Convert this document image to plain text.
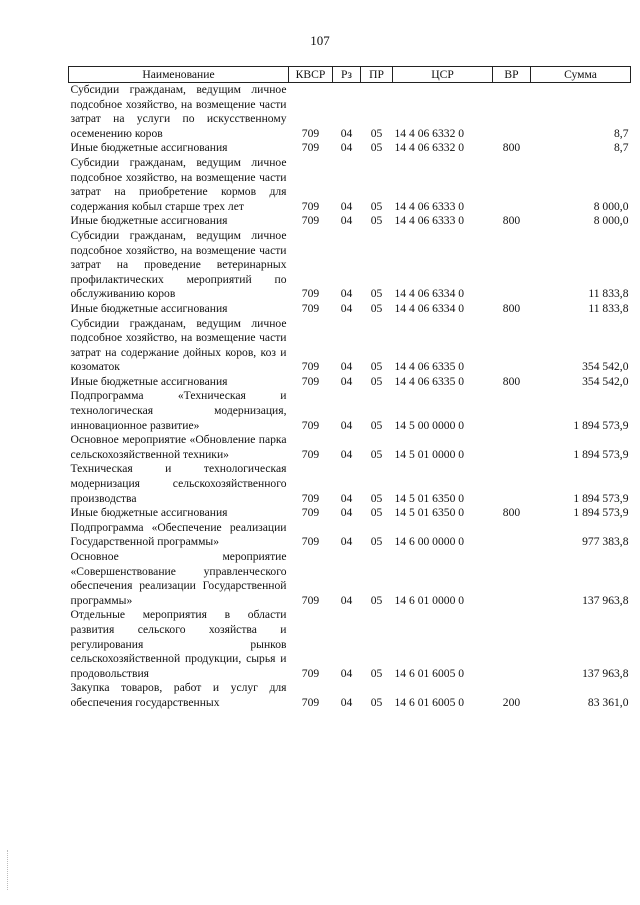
107
Наименование	КВСР	Рз	ПР	ЦСР	ВР	Сумма
Субсидии гражданам, ведущим личное подсобное хозяйство, на возмещение части затрат на услуги по искусственному осеменению коров	709	04	05	14 4 06 6332 0		8,7
Иные бюджетные ассигнования	709	04	05	14 4 06 6332 0	800	8,7
Субсидии гражданам, ведущим личное подсобное хозяйство, на возмещение части затрат на приобретение кормов для содержания кобыл старше трех лет	709	04	05	14 4 06 6333 0		8 000,0
Иные бюджетные ассигнования	709	04	05	14 4 06 6333 0	800	8 000,0
Субсидии гражданам, ведущим личное подсобное хозяйство, на возмещение части затрат на проведение ветеринарных профилактических мероприятий по обслуживанию коров	709	04	05	14 4 06 6334 0		11 833,8
Иные бюджетные ассигнования	709	04	05	14 4 06 6334 0	800	11 833,8
Субсидии гражданам, ведущим личное подсобное хозяйство, на возмещение части затрат на содержание дойных коров, коз и козоматок	709	04	05	14 4 06 6335 0		354 542,0
Иные бюджетные ассигнования	709	04	05	14 4 06 6335 0	800	354 542,0
Подпрограмма «Техническая и технологическая модернизация, инновационное развитие»	709	04	05	14 5 00 0000 0		1 894 573,9
Основное мероприятие «Обновление парка сельскохозяйственной техники»	709	04	05	14 5 01 0000 0		1 894 573,9
Техническая и технологическая модернизация сельскохозяйственного производства	709	04	05	14 5 01 6350 0		1 894 573,9
Иные бюджетные ассигнования	709	04	05	14 5 01 6350 0	800	1 894 573,9
Подпрограмма «Обеспечение реализации Государственной программы»	709	04	05	14 6 00 0000 0		977 383,8
Основное мероприятие «Совершенствование управленческого обеспечения реализации Государственной программы»	709	04	05	14 6 01 0000 0		137 963,8
Отдельные мероприятия в области развития сельского хозяйства и регулирования рынков сельскохозяйственной продукции, сырья и продовольствия	709	04	05	14 6 01 6005 0		137 963,8
Закупка товаров, работ и услуг для обеспечения государственных	709	04	05	14 6 01 6005 0	200	83 361,0
